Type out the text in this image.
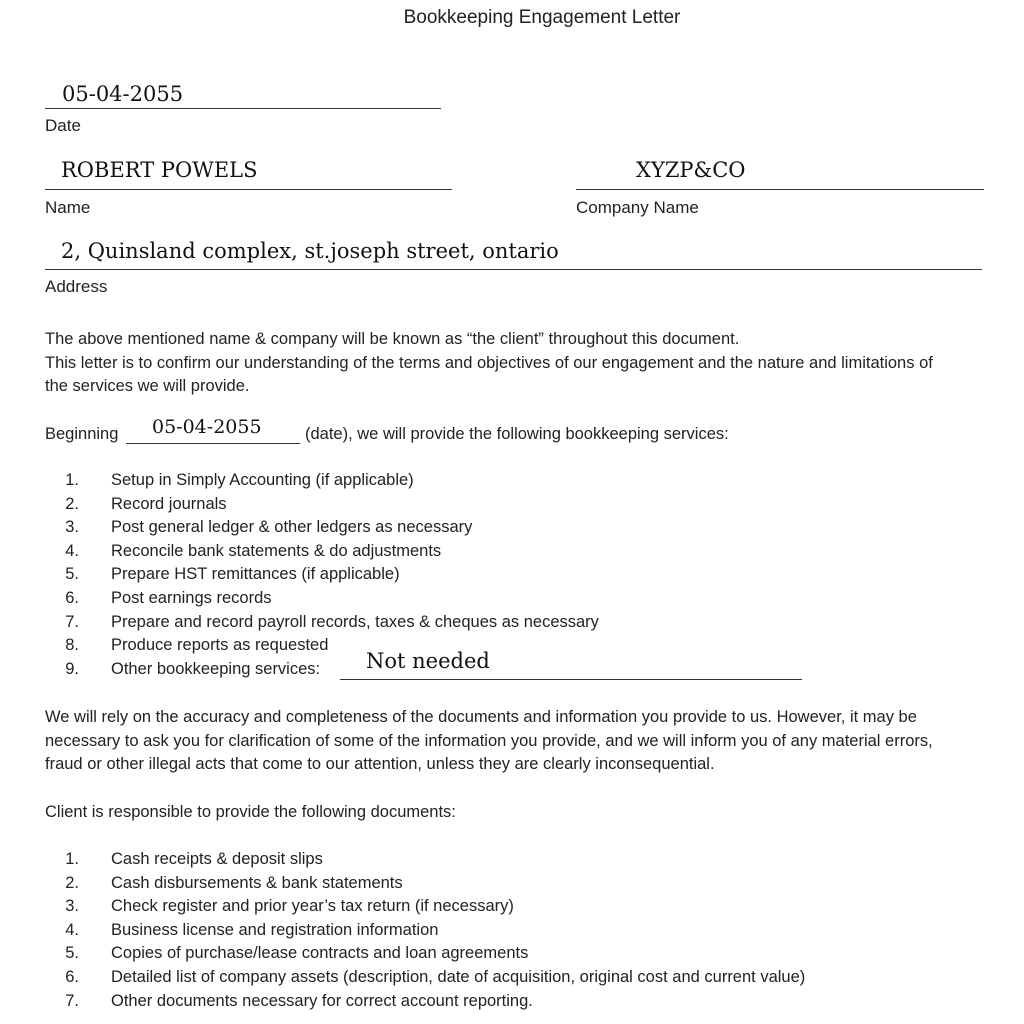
Bookkeeping Engagement Letter
05-04-2055
Date
ROBERT POWELS
Name
XYZP&CO
Company Name
2, Quinsland complex, st.joseph street, ontario
Address
The above mentioned name & company will be known as “the client” throughout this document.
This letter is to confirm our understanding of the terms and objectives of our engagement and the nature and limitations of
the services we will provide.
Beginning 05-04-2055	(date), we will provide the following bookkeeping services:
1. Setup in Simply Accounting (if applicable)
2. Record journals
3. Post general ledger & other ledgers as necessary
4. Reconcile bank statements & do adjustments
5. Prepare HST remittances (if applicable)
6. Post earnings records
7. Prepare and record payroll records, taxes & cheques as necessary
8. Produce reports as requested
9. Other bookkeeping services:	Not needed
We will rely on the accuracy and completeness of the documents and information you provide to us. However, it may be
necessary to ask you for clarification of some of the information you provide, and we will inform you of any material errors,
fraud or other illegal acts that come to our attention, unless they are clearly inconsequential.
Client is responsible to provide the following documents:
1. Cash receipts & deposit slips
2. Cash disbursements & bank statements
3. Check register and prior year’s tax return (if necessary)
4. Business license and registration information
5. Copies of purchase/lease contracts and loan agreements
6. Detailed list of company assets (description, date of acquisition, original cost and current value)
7. Other documents necessary for correct account reporting.
